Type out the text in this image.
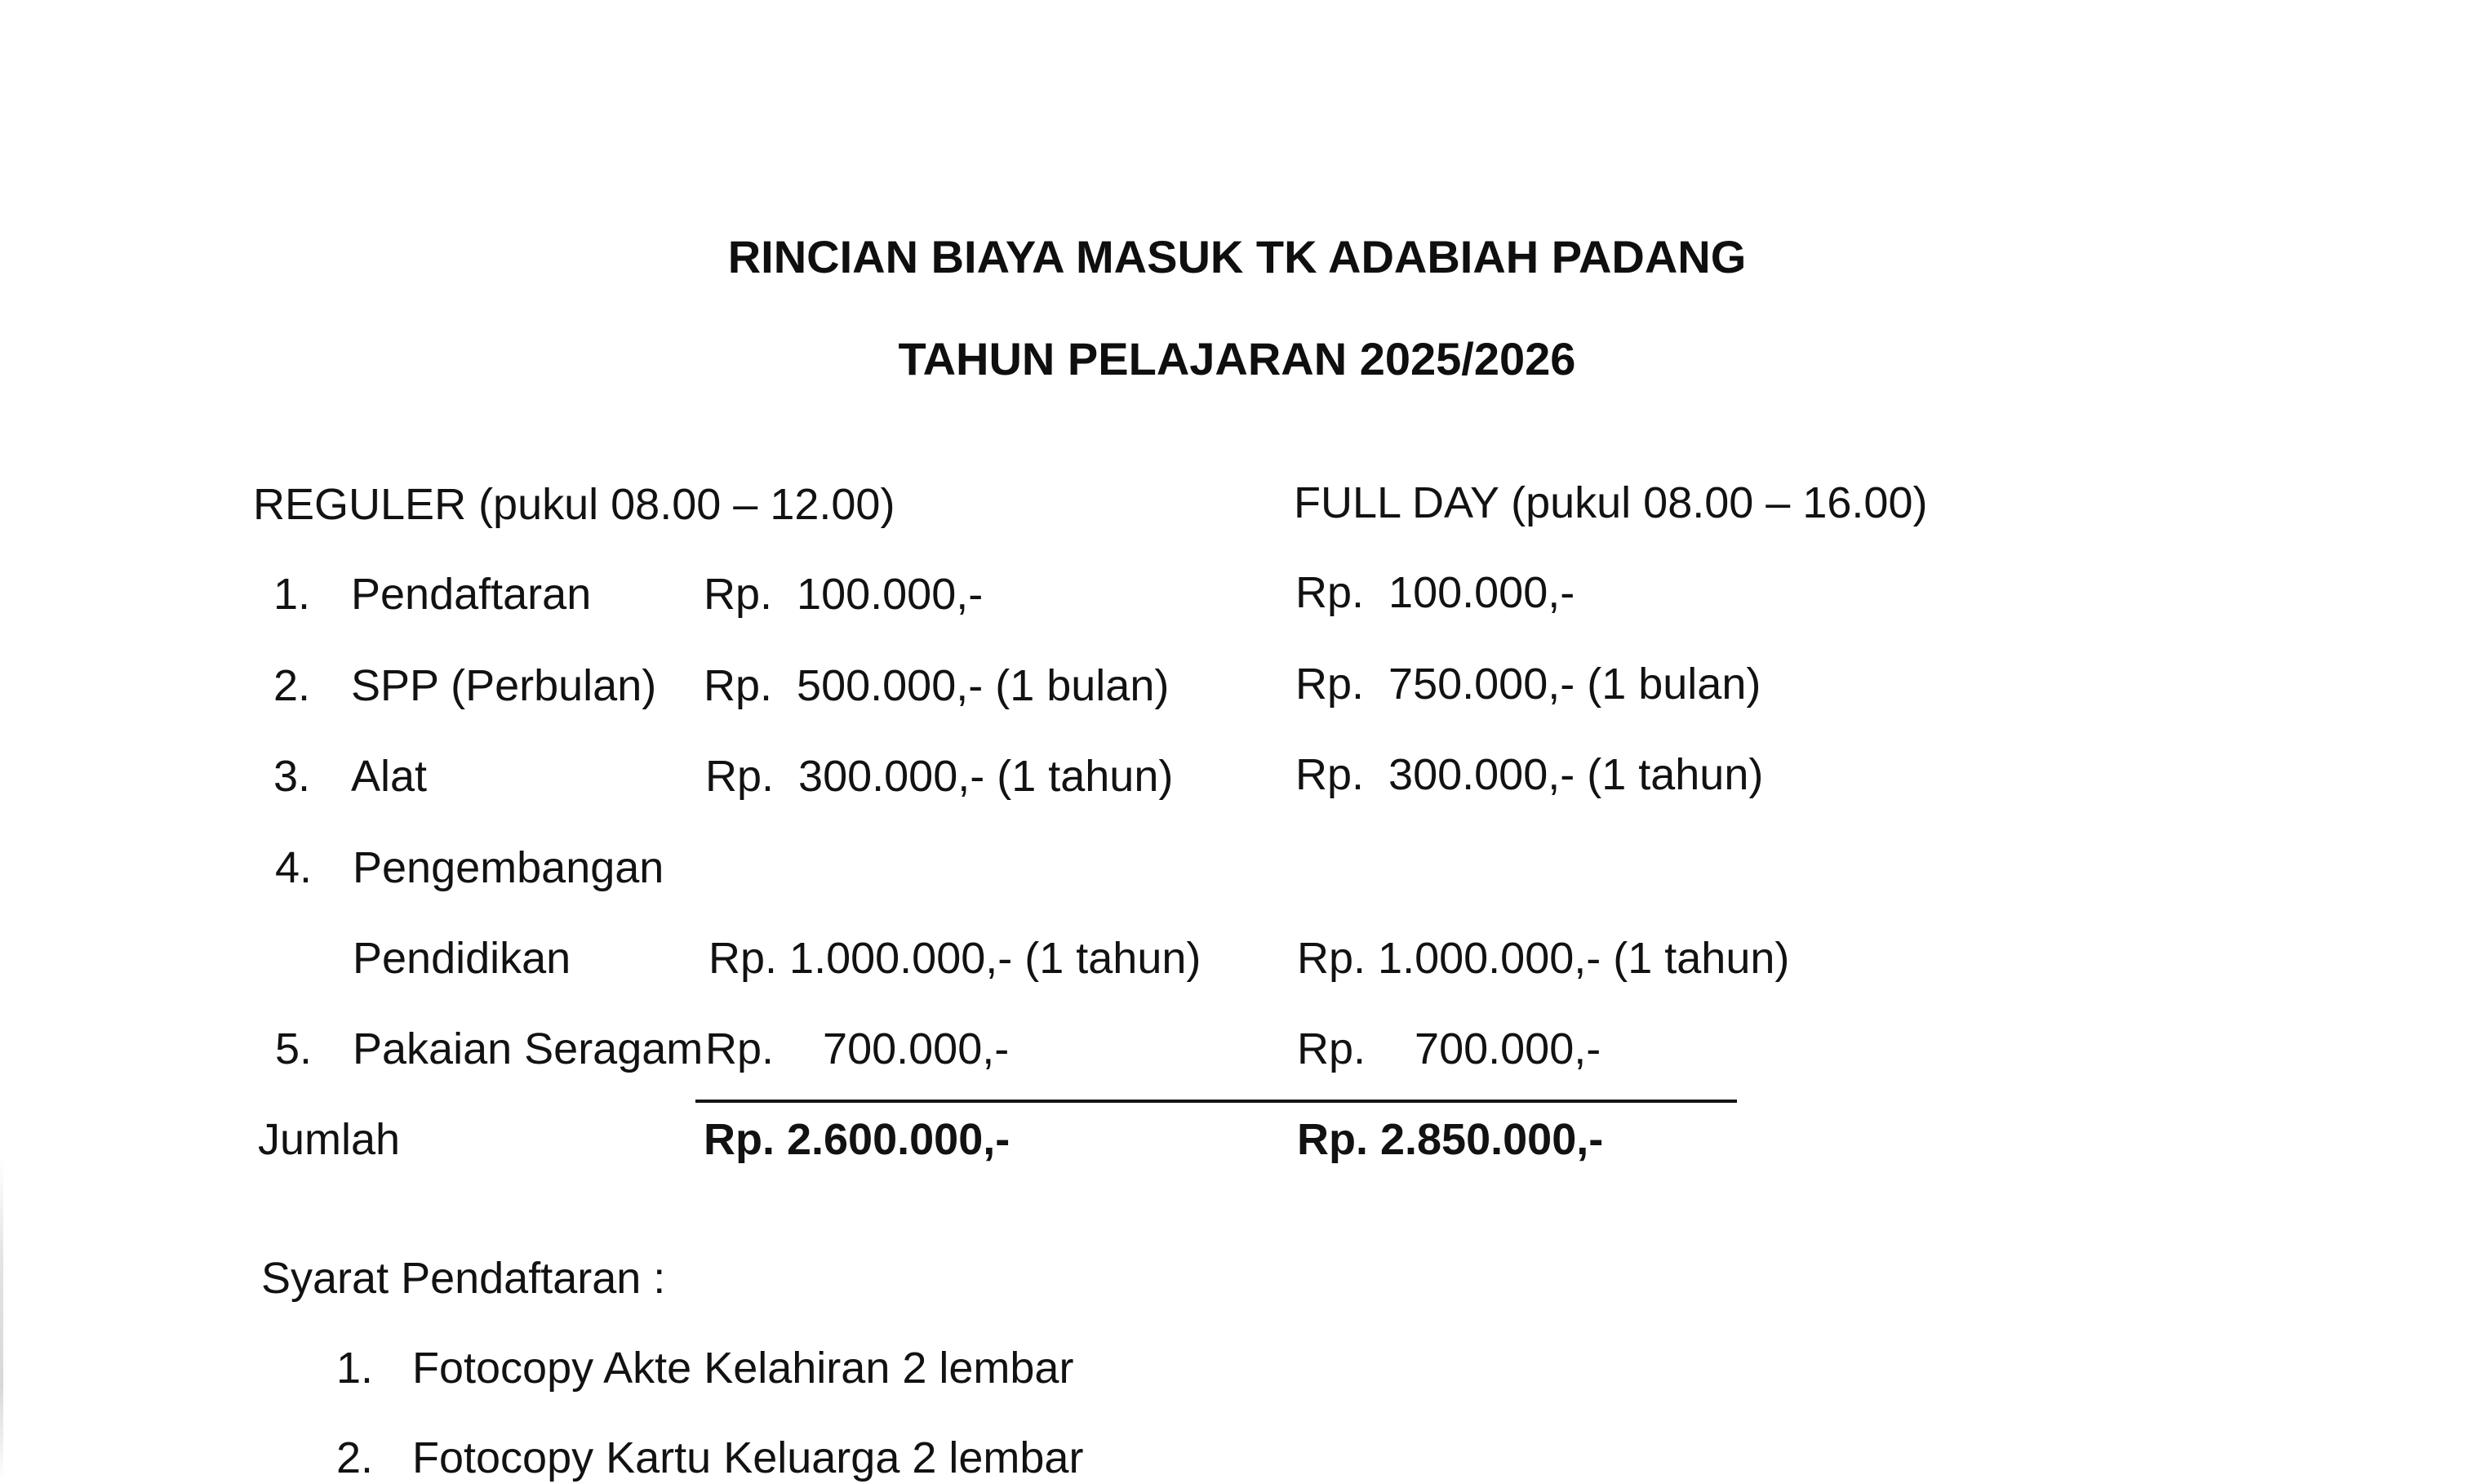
RINCIAN BIAYA MASUK TK ADABIAH PADANG
TAHUN PELAJARAN 2025/2026
REGULER (pukul 08.00 – 12.00)	FULL DAY (pukul 08.00 – 16.00)
1. Pendaftaran	Rp.  100.000,-	Rp.  100.000,-
2. SPP (Perbulan) Rp.  500.000,- (1 bulan)	Rp.  750.000,- (1 bulan)
3. Alat	Rp.  300.000,- (1 tahun)	Rp.  300.000,- (1 tahun)
4. Pengembangan
Pendidikan	Rp. 1.000.000,- (1 tahun) Rp. 1.000.000,- (1 tahun)
5. Pakaian Seragam Rp.    700.000,-	Rp.    700.000,-
Jumlah	Rp. 2.600.000,-	Rp. 2.850.000,-
Syarat Pendaftaran :
1. Fotocopy Akte Kelahiran 2 lembar
2. Fotocopy Kartu Keluarga 2 lembar
